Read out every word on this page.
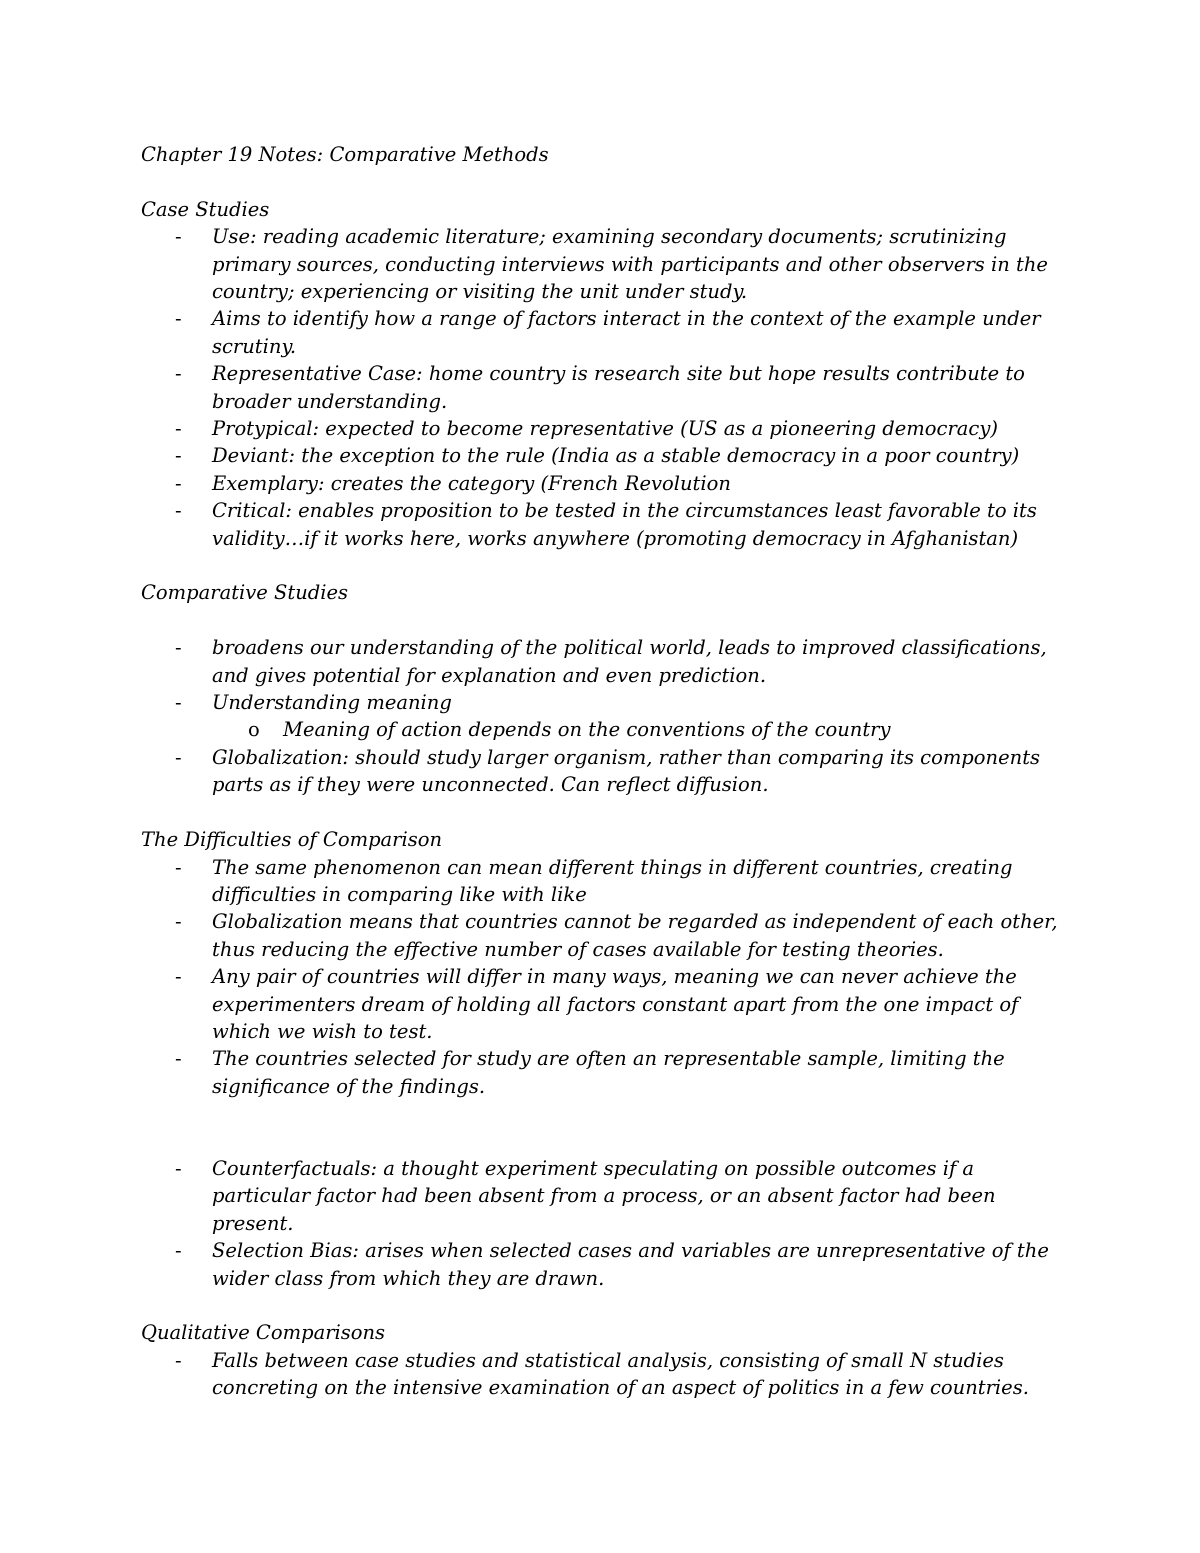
Chapter 19 Notes: Comparative Methods
Case Studies
- Use: reading academic literature; examining secondary documents; scrutinizing
primary sources, conducting interviews with participants and other observers in the
country; experiencing or visiting the unit under study.
- Aims to identify how a range of factors interact in the context of the example under
scrutiny.
- Representative Case: home country is research site but hope results contribute to
broader understanding.
- Protypical: expected to become representative (US as a pioneering democracy)
- Deviant: the exception to the rule (India as a stable democracy in a poor country)
- Exemplary: creates the category (French Revolution
- Critical: enables proposition to be tested in the circumstances least favorable to its
validity…if it works here, works anywhere (promoting democracy in Afghanistan)
Comparative Studies
- broadens our understanding of the political world, leads to improved classifications,
and gives potential for explanation and even prediction.
- Understanding meaning
o Meaning of action depends on the conventions of the country
- Globalization: should study larger organism, rather than comparing its components
parts as if they were unconnected. Can reflect diffusion.
The Difficulties of Comparison
- The same phenomenon can mean different things in different countries, creating
difficulties in comparing like with like
- Globalization means that countries cannot be regarded as independent of each other,
thus reducing the effective number of cases available for testing theories.
- Any pair of countries will differ in many ways, meaning we can never achieve the
experimenters dream of holding all factors constant apart from the one impact of
which we wish to test.
- The countries selected for study are often an representable sample, limiting the
significance of the findings.
- Counterfactuals: a thought experiment speculating on possible outcomes if a
particular factor had been absent from a process, or an absent factor had been
present.
- Selection Bias: arises when selected cases and variables are unrepresentative of the
wider class from which they are drawn.
Qualitative Comparisons
- Falls between case studies and statistical analysis, consisting of small N studies
concreting on the intensive examination of an aspect of politics in a few countries.
